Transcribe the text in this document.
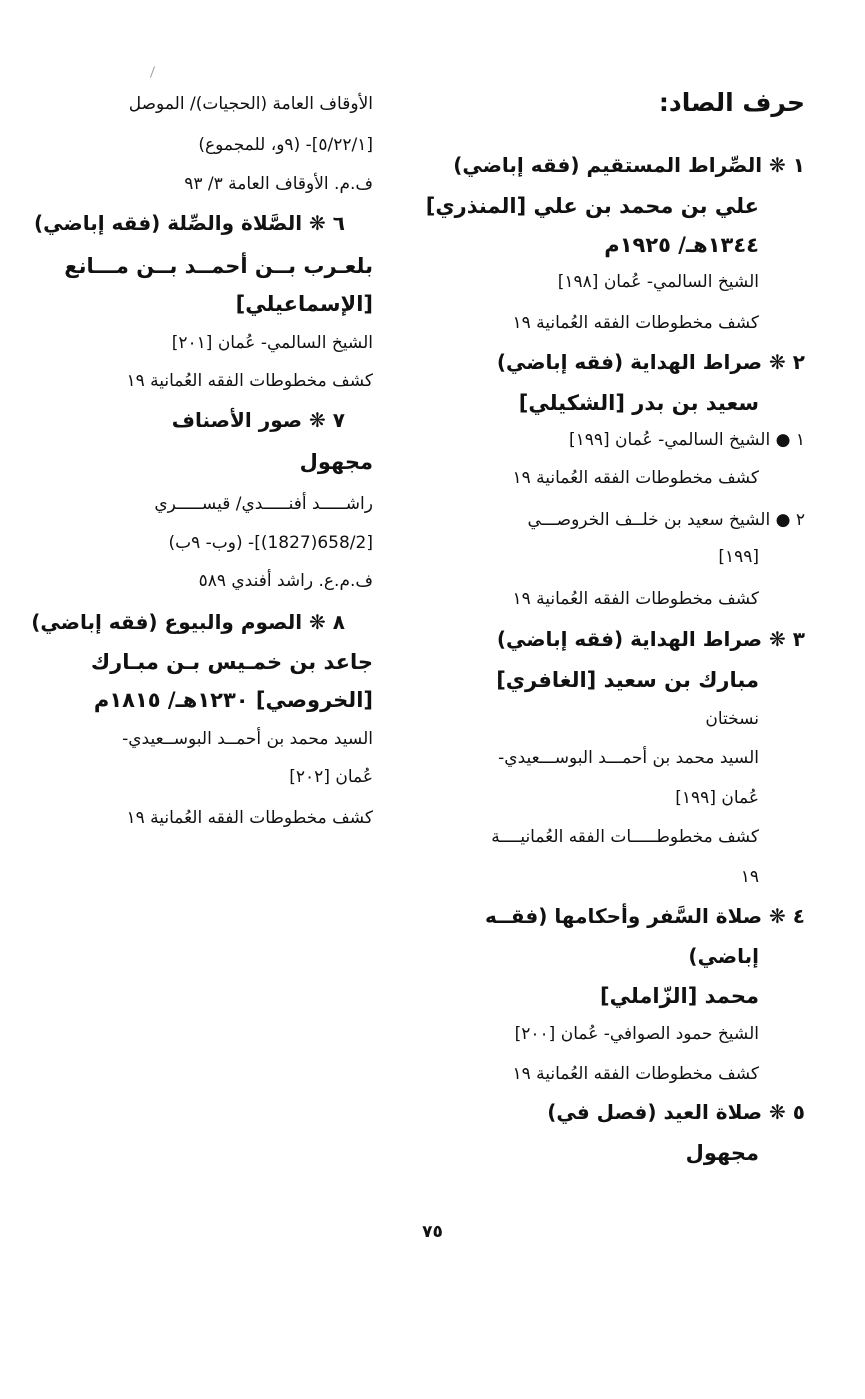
حرف الصاد:
١ ❋ الصِّراط المستقيم (فقه إباضي)
علي بن محمد بن علي [المنذري]
١٣٤٤هـ/ ١٩٢٥م
الشيخ السالمي- عُمان [١٩٨]
كشف مخطوطات الفقه العُمانية ١٩
٢ ❋ صراط الهداية (فقه إباضي)
سعيد بن بدر [الشكيلي]
١ ● الشيخ السالمي- عُمان [١٩٩]
كشف مخطوطات الفقه العُمانية ١٩
٢ ● الشيخ سعيد بن خلــف الخروصـــي
[١٩٩]
كشف مخطوطات الفقه العُمانية ١٩
٣ ❋ صراط الهداية (فقه إباضي)
مبارك بن سعيد [الغافري]
نسختان
السيد محمد بن أحمـــد البوســـعيدي-
عُمان [١٩٩]
كشف مخطوطـــــات الفقه العُمانيــــة
١٩
٤ ❋ صلاة السَّفر وأحكامها (فقــه
إباضي)
محمد [الزّاملي]
الشيخ حمود الصوافي- عُمان [٢٠٠]
كشف مخطوطات الفقه العُمانية ١٩
٥ ❋ صلاة العيد (فصل في)
مجهول
الأوقاف العامة (الحجيات)/ الموصل
[٥/٢٢/١]- (٩و، للمجموع)
ف.م. الأوقاف العامة ٣/ ٩٣
٦ ❋ الصَّلاة والصِّلة (فقه إباضي)
بلعـرب بــن أحمــد بــن مـــانع
[الإسماعيلي]
الشيخ السالمي- عُمان [٢٠١]
كشف مخطوطات الفقه العُمانية ١٩
٧ ❋ صور الأصناف
مجهول
راشـــــد أفنـــــدي/ قيســـــري
[658/2(1827)]- (وب- ٩ب)
ف.م.ع. راشد أفندي ٥٨٩
٨ ❋ الصوم والبيوع (فقه إباضي)
جاعد بن خمـيس بـن مبـارك
[الخروصي] ١٢٣٠هـ/ ١٨١٥م
السيد محمد بن أحمــد البوســعيدي-
عُمان [٢٠٢]
كشف مخطوطات الفقه العُمانية ١٩
٧٥
